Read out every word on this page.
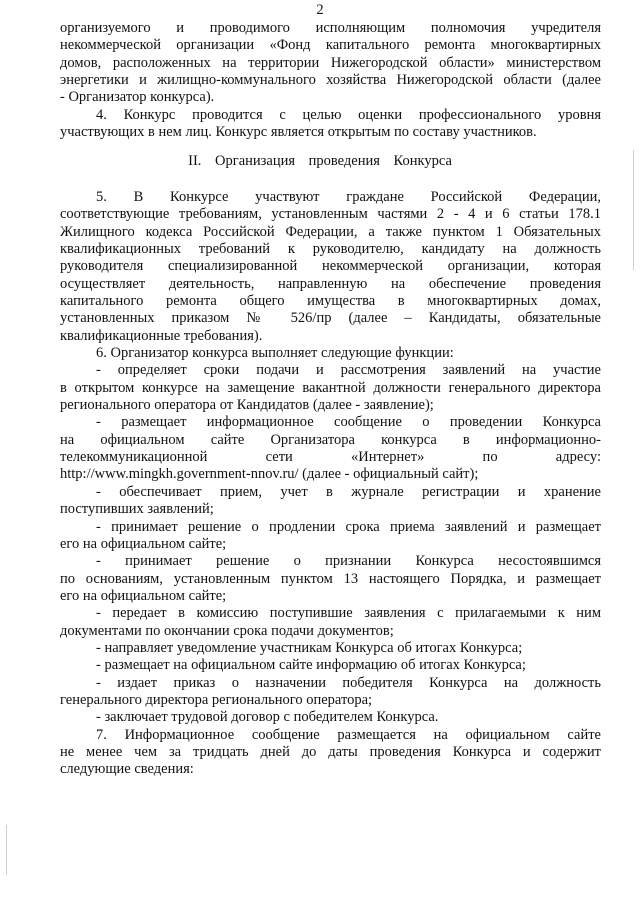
2
организуемого и проводимого исполняющим полномочия учредителя
некоммерческой организации «Фонд капитального ремонта многоквартирных
домов, расположенных на территории Нижегородской области» министерством
энергетики и жилищно-коммунального хозяйства Нижегородской области (далее
- Организатор конкурса).
4. Конкурс проводится с целью оценки профессионального уровня
участвующих в нем лиц. Конкурс является открытым по составу участников.
II. Организация проведения Конкурса
5. В Конкурсе участвуют граждане Российской Федерации,
соответствующие требованиям, установленным частями 2 - 4 и 6 статьи 178.1
Жилищного кодекса Российской Федерации, а также пунктом 1 Обязательных
квалификационных требований к руководителю, кандидату на должность
руководителя специализированной некоммерческой организации, которая
осуществляет деятельность, направленную на обеспечение проведения
капитального ремонта общего имущества в многоквартирных домах,
установленных приказом № 526/пр (далее – Кандидаты, обязательные
квалификационные требования).
6. Организатор конкурса выполняет следующие функции:
- определяет сроки подачи и рассмотрения заявлений на участие
в открытом конкурсе на замещение вакантной должности генерального директора
регионального оператора от Кандидатов (далее - заявление);
- размещает информационное сообщение о проведении Конкурса
на официальном сайте Организатора конкурса в информационно-
телекоммуникационной сети «Интернет» по адресу:
http://www.mingkh.government-nnov.ru/ (далее - официальный сайт);
- обеспечивает прием, учет в журнале регистрации и хранение
поступивших заявлений;
- принимает решение о продлении срока приема заявлений и размещает
его на официальном сайте;
- принимает решение о признании Конкурса несостоявшимся
по основаниям, установленным пунктом 13 настоящего Порядка, и размещает
его на официальном сайте;
- передает в комиссию поступившие заявления с прилагаемыми к ним
документами по окончании срока подачи документов;
- направляет уведомление участникам Конкурса об итогах Конкурса;
- размещает на официальном сайте информацию об итогах Конкурса;
- издает приказ о назначении победителя Конкурса на должность
генерального директора регионального оператора;
- заключает трудовой договор с победителем Конкурса.
7. Информационное сообщение размещается на официальном сайте
не менее чем за тридцать дней до даты проведения Конкурса и содержит
следующие сведения:
